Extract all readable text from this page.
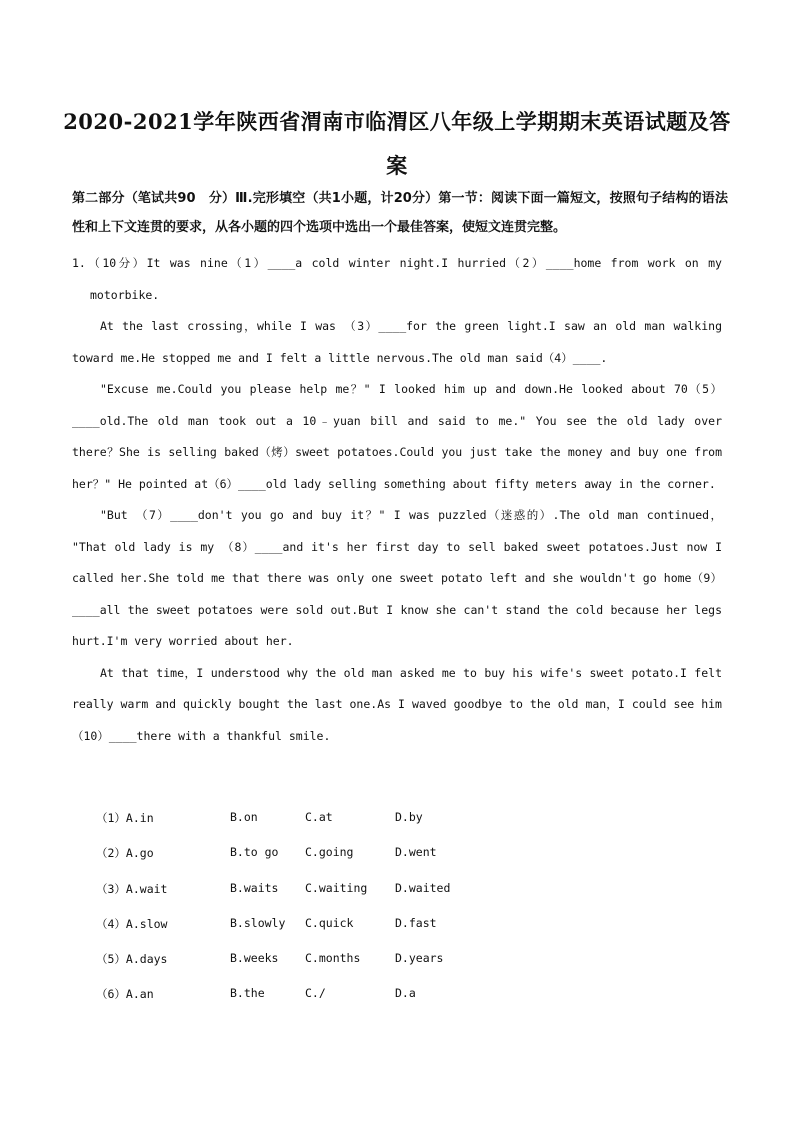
2020-2021学年陕西省渭南市临渭区八年级上学期期末英语试题及答案
第二部分（笔试共90　分）Ⅲ.完形填空（共1小题，计20分）第一节：阅读下面一篇短文，按照句子结构的语法性和上下文连贯的要求，从各小题的四个选项中选出一个最佳答案，使短文连贯完整。

1.（10分）It was nine（1）____a cold winter night.I hurried（2）____home from work on my motorbike.

At the last crossing，while I was （3）____for the green light.I saw an old man walking toward me.He stopped me and I felt a little nervous.The old man said（4）____.

"Excuse me.Could you please help me？" I looked him up and down.He looked about 70（5）____old.The old man took out a 10﹣yuan bill and said to me." You see the old lady over there？She is selling baked（烤）sweet potatoes.Could you just take the money and buy one from her？" He pointed at（6）____old lady selling something about fifty meters away in the corner.

"But （7）____don't you go and buy it？" I was puzzled（迷惑的）.The old man continued， "That old lady is my （8）____and it's her first day to sell baked sweet potatoes.Just now I called her.She told me that there was only one sweet potato left and she wouldn't go home（9）____all the sweet potatoes were sold out.But I know she can't stand the cold because her legs hurt.I'm very worried about her.

At that time，I understood why the old man asked me to buy his wife's sweet potato.I felt really warm and quickly bought the last one.As I waved goodbye to the old man，I could see him（10）____there with a thankful smile.

（1）A.in	B.on	C.at	D.by
（2）A.go	B.to go C.going	D.went
（3）A.wait	B.waits C.waiting D.waited
（4）A.slow	B.slowly C.quick	D.fast
（5）A.days	B.weeks C.months	D.years
（6）A.an	B.the	C./	D.a
